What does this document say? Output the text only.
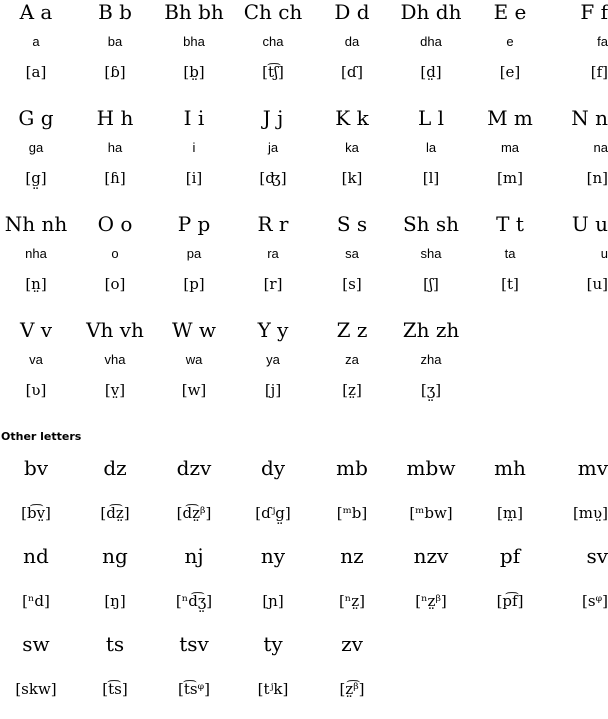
A a
a
[a]
B b
ba
[ɓ]
Bh bh
bha
[b̤]
Ch ch
cha
[t͡ʃ]
D d
da
[ɗ]
Dh dh
dha
[d̤]
E e
e
[e]
F f
fa
[f]
G g
ga
[g̤]
H h
ha
[ɦ]
I i
i
[i]
J j
ja
[ʤ]
K k
ka
[k]
L l
la
[l]
M m
ma
[m]
N n
na
[n]
Nh nh
nha
[n̤]
O o
o
[o]
P p
pa
[p]
R r
ra
[r]
S s
sa
[s]
Sh sh
sha
[ʃ]
T t
ta
[t]
U u
u
[u]
V v
va
[ʋ]
Vh vh
vha
[v̤]
W w
wa
[w]
Y y
ya
[j]
Z z
za
[z̤]
Zh zh
zha
[ʒ̤]
Other letters
bv
[b͡v̤]
dz
[d͡z̤]
dzv
[d͡z̤ᵝ]
dy
[ɗʲg̤]
mb
[ᵐb]
mbw
[ᵐbw]
mh
[m̤]
mv
[mʋ̤]
nd
[ⁿd]
ng
[ŋ]
nj
[ⁿd͡ʒ̤]
ny
[ɲ]
nz
[ⁿz̤]
nzv
[ⁿz̤ᵝ]
pf
[p͡f]
sv
[sᵠ]
sw
[skw]
ts
[t͡s]
tsv
[t͡sᵠ]
ty
[tʲk]
zv
[z̤͡ᵝ]
